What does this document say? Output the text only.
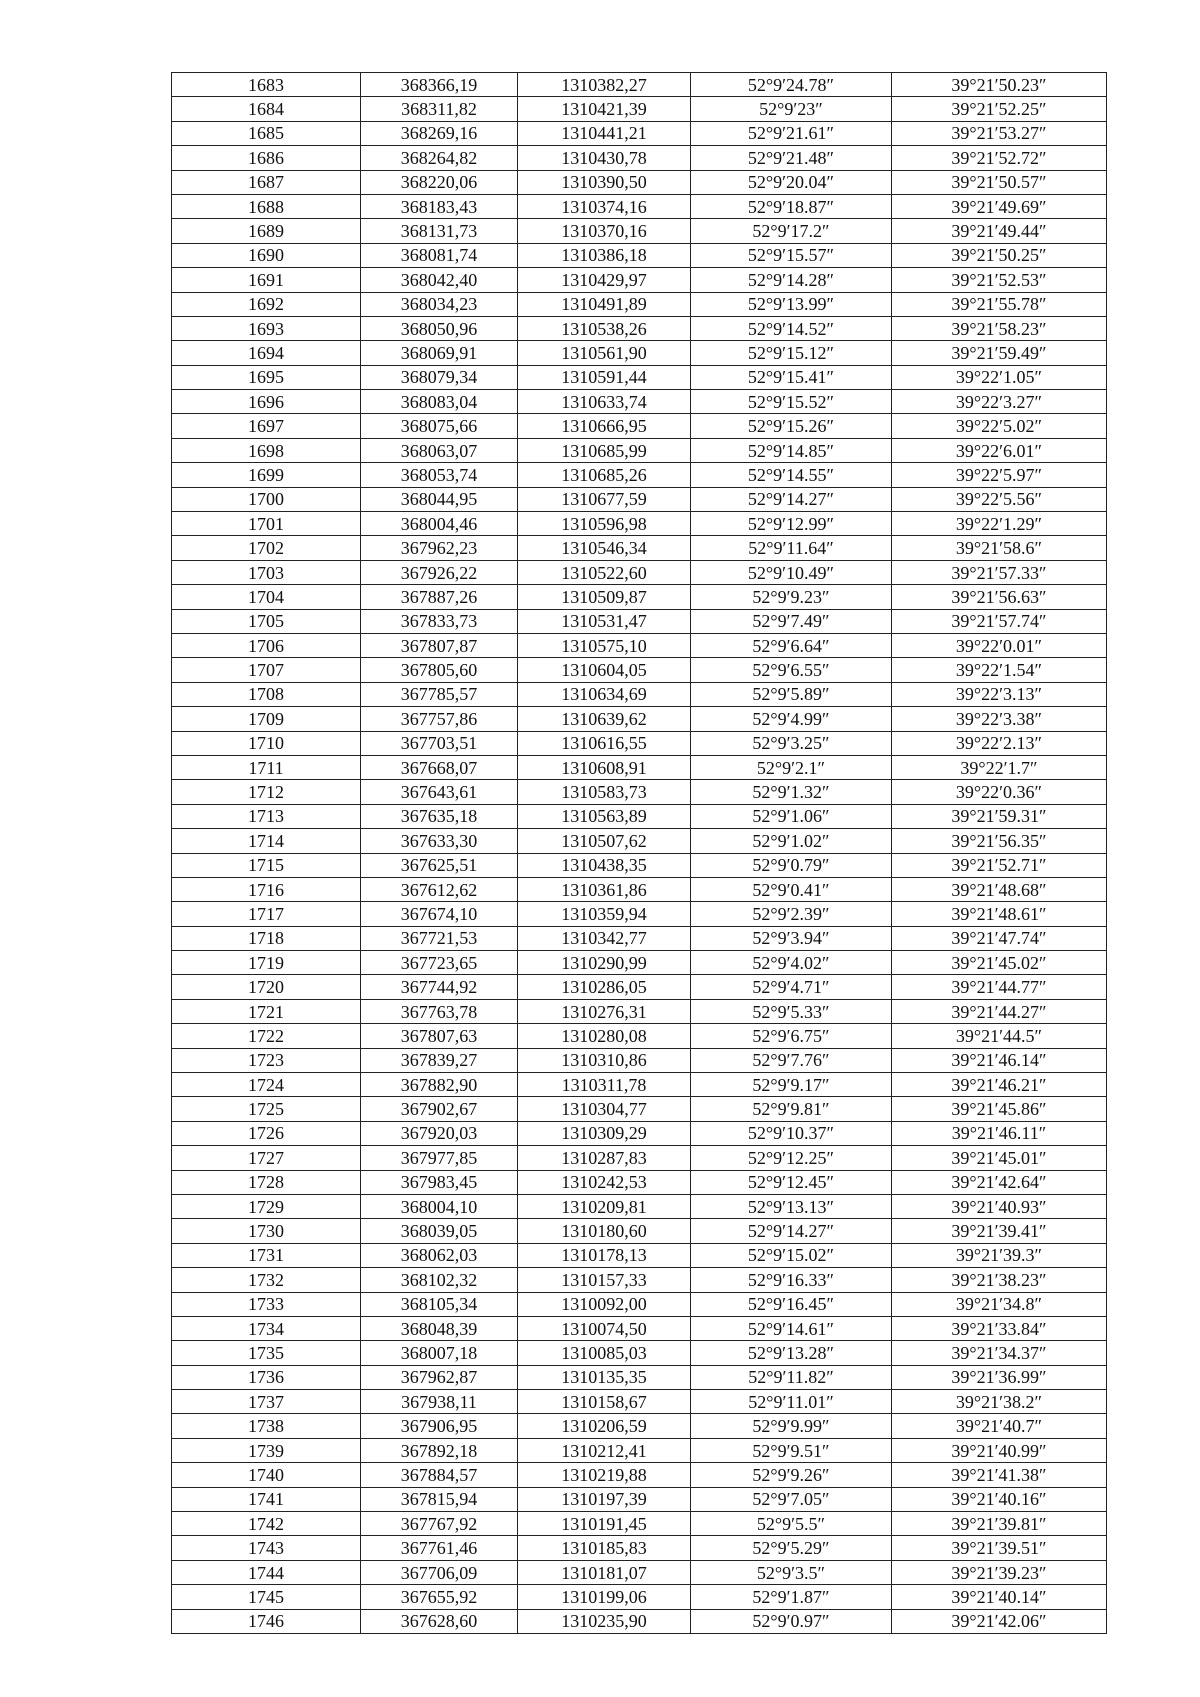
1683	368366,19	1310382,27	52°9′24.78″	39°21′50.23″
1684	368311,82	1310421,39	52°9′23″	39°21′52.25″
1685	368269,16	1310441,21	52°9′21.61″	39°21′53.27″
1686	368264,82	1310430,78	52°9′21.48″	39°21′52.72″
1687	368220,06	1310390,50	52°9′20.04″	39°21′50.57″
1688	368183,43	1310374,16	52°9′18.87″	39°21′49.69″
1689	368131,73	1310370,16	52°9′17.2″	39°21′49.44″
1690	368081,74	1310386,18	52°9′15.57″	39°21′50.25″
1691	368042,40	1310429,97	52°9′14.28″	39°21′52.53″
1692	368034,23	1310491,89	52°9′13.99″	39°21′55.78″
1693	368050,96	1310538,26	52°9′14.52″	39°21′58.23″
1694	368069,91	1310561,90	52°9′15.12″	39°21′59.49″
1695	368079,34	1310591,44	52°9′15.41″	39°22′1.05″
1696	368083,04	1310633,74	52°9′15.52″	39°22′3.27″
1697	368075,66	1310666,95	52°9′15.26″	39°22′5.02″
1698	368063,07	1310685,99	52°9′14.85″	39°22′6.01″
1699	368053,74	1310685,26	52°9′14.55″	39°22′5.97″
1700	368044,95	1310677,59	52°9′14.27″	39°22′5.56″
1701	368004,46	1310596,98	52°9′12.99″	39°22′1.29″
1702	367962,23	1310546,34	52°9′11.64″	39°21′58.6″
1703	367926,22	1310522,60	52°9′10.49″	39°21′57.33″
1704	367887,26	1310509,87	52°9′9.23″	39°21′56.63″
1705	367833,73	1310531,47	52°9′7.49″	39°21′57.74″
1706	367807,87	1310575,10	52°9′6.64″	39°22′0.01″
1707	367805,60	1310604,05	52°9′6.55″	39°22′1.54″
1708	367785,57	1310634,69	52°9′5.89″	39°22′3.13″
1709	367757,86	1310639,62	52°9′4.99″	39°22′3.38″
1710	367703,51	1310616,55	52°9′3.25″	39°22′2.13″
1711	367668,07	1310608,91	52°9′2.1″	39°22′1.7″
1712	367643,61	1310583,73	52°9′1.32″	39°22′0.36″
1713	367635,18	1310563,89	52°9′1.06″	39°21′59.31″
1714	367633,30	1310507,62	52°9′1.02″	39°21′56.35″
1715	367625,51	1310438,35	52°9′0.79″	39°21′52.71″
1716	367612,62	1310361,86	52°9′0.41″	39°21′48.68″
1717	367674,10	1310359,94	52°9′2.39″	39°21′48.61″
1718	367721,53	1310342,77	52°9′3.94″	39°21′47.74″
1719	367723,65	1310290,99	52°9′4.02″	39°21′45.02″
1720	367744,92	1310286,05	52°9′4.71″	39°21′44.77″
1721	367763,78	1310276,31	52°9′5.33″	39°21′44.27″
1722	367807,63	1310280,08	52°9′6.75″	39°21′44.5″
1723	367839,27	1310310,86	52°9′7.76″	39°21′46.14″
1724	367882,90	1310311,78	52°9′9.17″	39°21′46.21″
1725	367902,67	1310304,77	52°9′9.81″	39°21′45.86″
1726	367920,03	1310309,29	52°9′10.37″	39°21′46.11″
1727	367977,85	1310287,83	52°9′12.25″	39°21′45.01″
1728	367983,45	1310242,53	52°9′12.45″	39°21′42.64″
1729	368004,10	1310209,81	52°9′13.13″	39°21′40.93″
1730	368039,05	1310180,60	52°9′14.27″	39°21′39.41″
1731	368062,03	1310178,13	52°9′15.02″	39°21′39.3″
1732	368102,32	1310157,33	52°9′16.33″	39°21′38.23″
1733	368105,34	1310092,00	52°9′16.45″	39°21′34.8″
1734	368048,39	1310074,50	52°9′14.61″	39°21′33.84″
1735	368007,18	1310085,03	52°9′13.28″	39°21′34.37″
1736	367962,87	1310135,35	52°9′11.82″	39°21′36.99″
1737	367938,11	1310158,67	52°9′11.01″	39°21′38.2″
1738	367906,95	1310206,59	52°9′9.99″	39°21′40.7″
1739	367892,18	1310212,41	52°9′9.51″	39°21′40.99″
1740	367884,57	1310219,88	52°9′9.26″	39°21′41.38″
1741	367815,94	1310197,39	52°9′7.05″	39°21′40.16″
1742	367767,92	1310191,45	52°9′5.5″	39°21′39.81″
1743	367761,46	1310185,83	52°9′5.29″	39°21′39.51″
1744	367706,09	1310181,07	52°9′3.5″	39°21′39.23″
1745	367655,92	1310199,06	52°9′1.87″	39°21′40.14″
1746	367628,60	1310235,90	52°9′0.97″	39°21′42.06″
